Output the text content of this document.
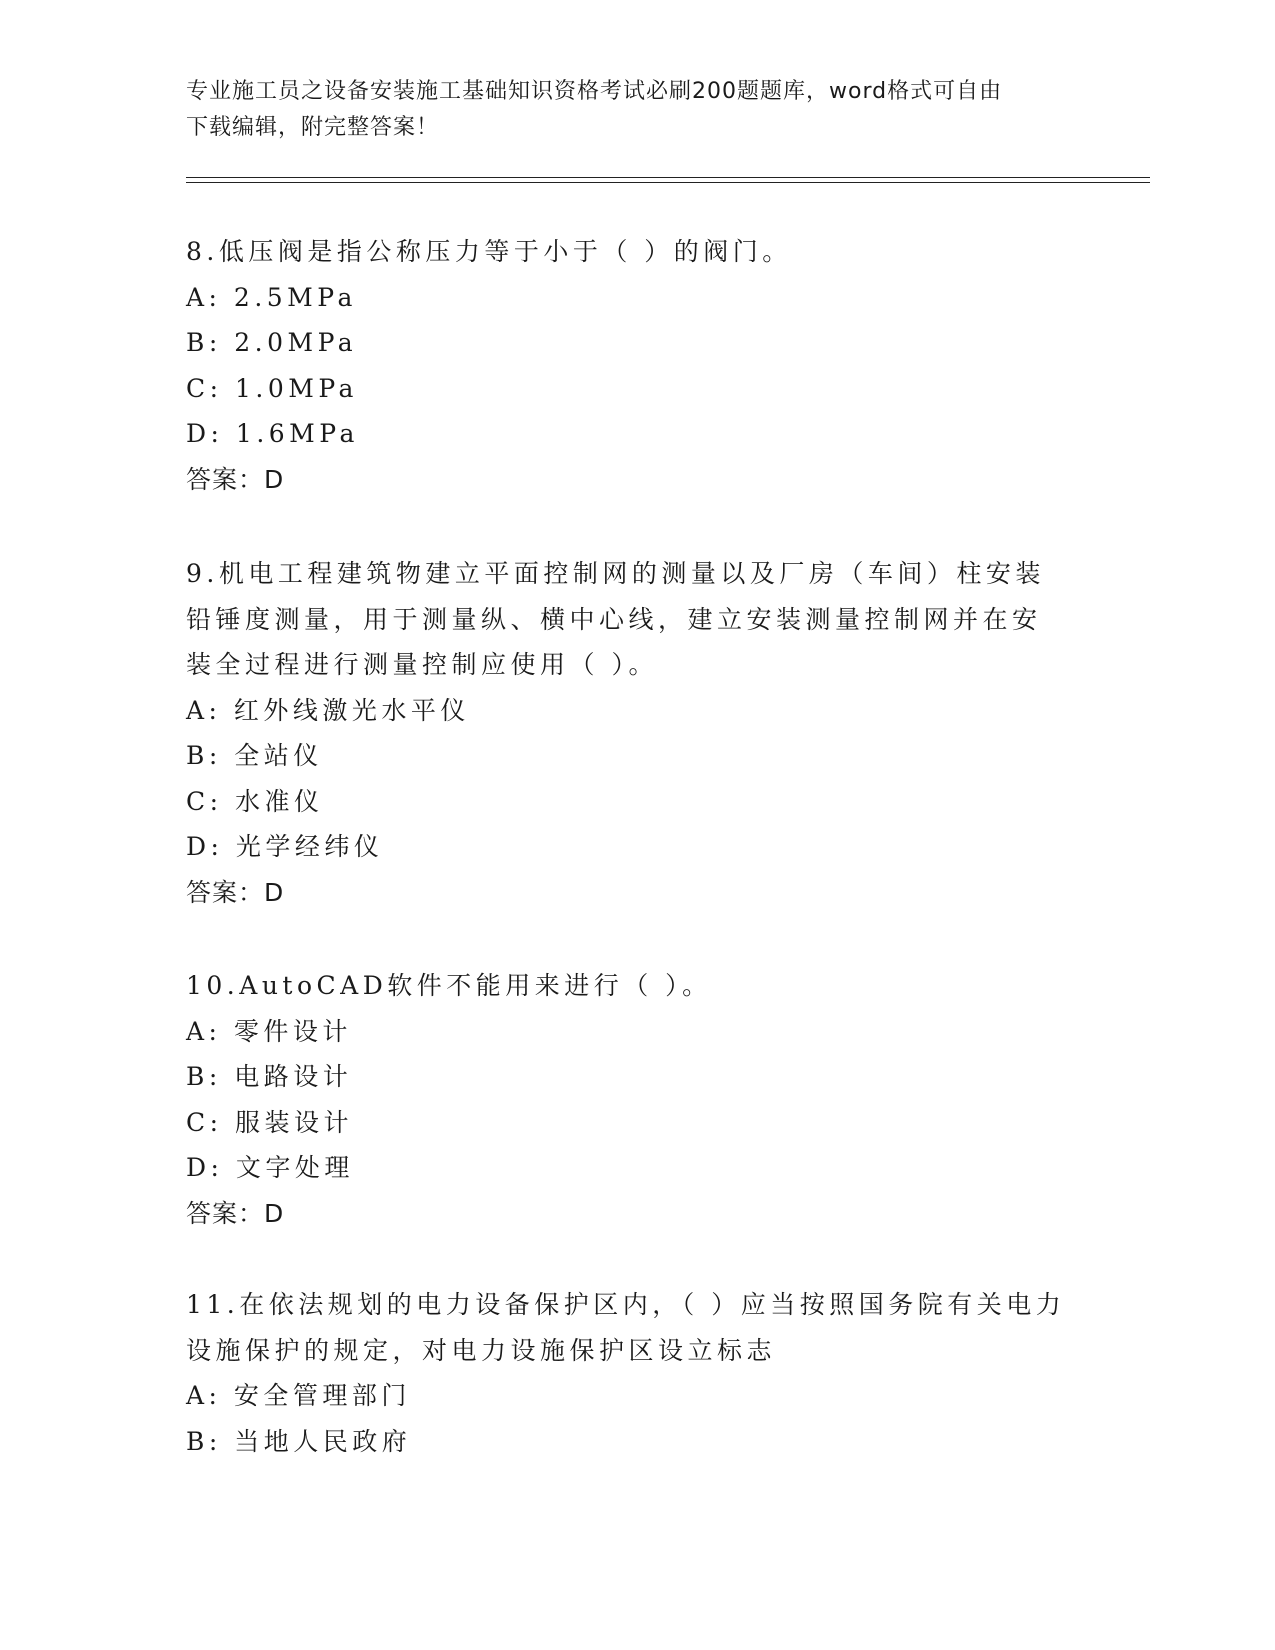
专业施工员之设备安装施工基础知识资格考试必刷200题题库，word格式可自由
下载编辑，附完整答案！

8.低压阀是指公称压力等于小于（ ）的阀门。

A: 2.5MPa

B: 2.0MPa

C: 1.0MPa

D: 1.6MPa

答案：D

9.机电工程建筑物建立平面控制网的测量以及厂房（车间）柱安装铅锤度测量，用于测量纵、横中心线，建立安装测量控制网并在安装全过程进行测量控制应使用（ ）。

A: 红外线激光水平仪

B: 全站仪

C: 水准仪

D: 光学经纬仪

答案：D

10.AutoCAD软件不能用来进行（ ）。

A: 零件设计

B: 电路设计

C: 服装设计

D: 文字处理

答案：D

11.在依法规划的电力设备保护区内，（ ）应当按照国务院有关电力设施保护的规定，对电力设施保护区设立标志

A: 安全管理部门

B: 当地人民政府
